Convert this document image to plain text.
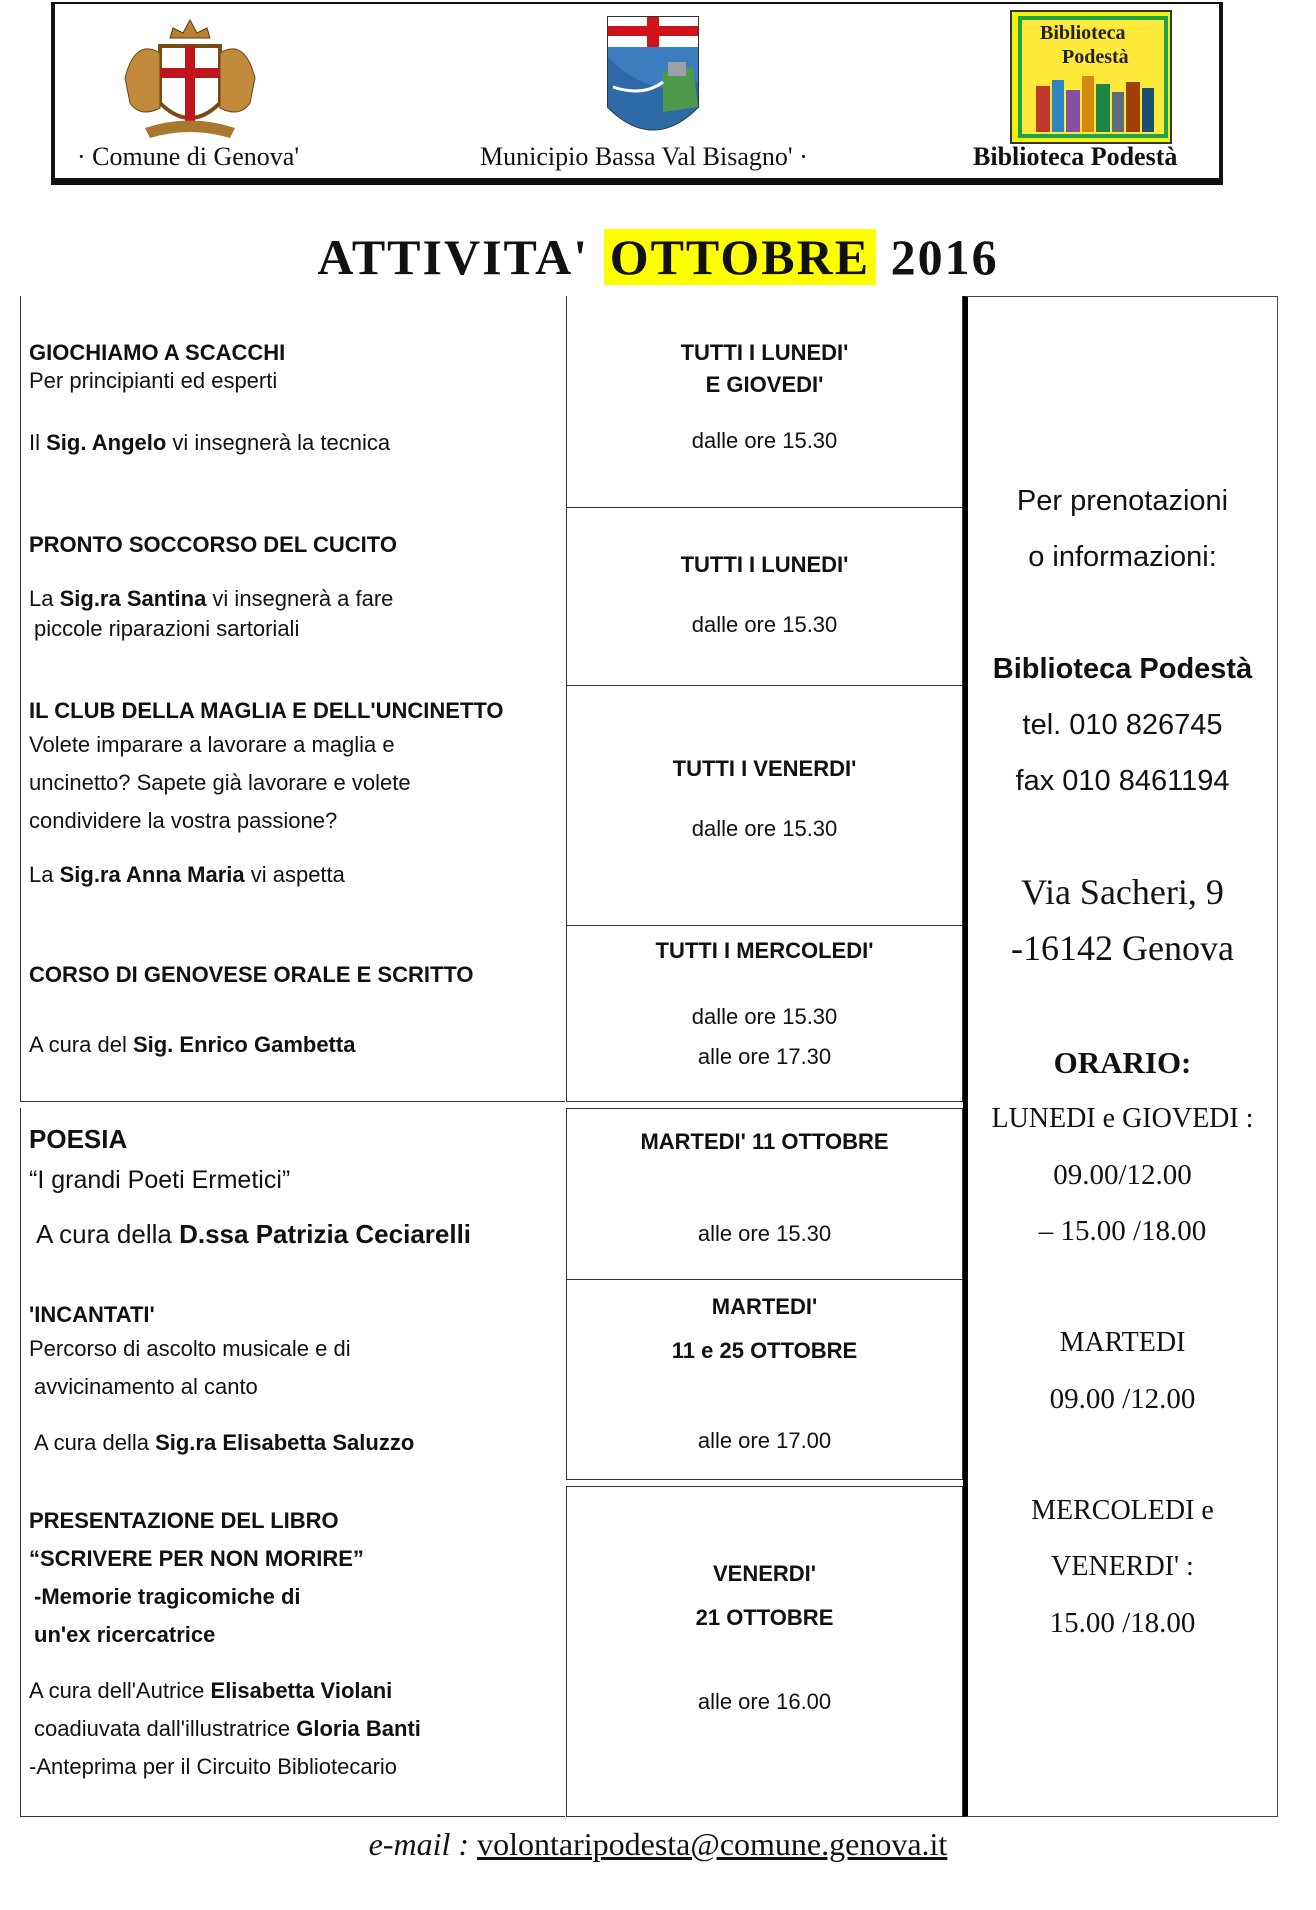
· Comune di Genova'	Municipio Bassa Val Bisagno' ·
Biblioteca
Podestà
Biblioteca Podestà
ATTIVITA' OTTOBRE 2016
GIOCHIAMO A SCACCHI

Per principianti ed esperti

Il Sig. Angelo vi insegnerà la tecnica

TUTTI I LUNEDI'

E GIOVEDI'

dalle ore 15.30

PRONTO SOCCORSO DEL CUCITO

La Sig.ra Santina vi insegnerà a fare

piccole riparazioni sartoriali

TUTTI I LUNEDI'

dalle ore 15.30

IL CLUB DELLA MAGLIA E DELL'UNCINETTO

Volete imparare a lavorare a maglia e

uncinetto? Sapete già lavorare e volete

condividere la vostra passione?

La Sig.ra Anna Maria vi aspetta

TUTTI I VENERDI'

dalle ore 15.30

CORSO DI GENOVESE ORALE E SCRITTO

A cura del Sig. Enrico Gambetta

TUTTI I MERCOLEDI'

dalle ore 15.30

alle ore 17.30

POESIA

“I grandi Poeti Ermetici”

A cura della D.ssa Patrizia Ceciarelli

MARTEDI' 11 OTTOBRE

alle ore 15.30

'INCANTATI'

Percorso di ascolto musicale e di

avvicinamento al canto

A cura della Sig.ra Elisabetta Saluzzo

MARTEDI'

11 e 25 OTTOBRE

alle ore 17.00

PRESENTAZIONE DEL LIBRO
“SCRIVERE PER NON MORIRE”
-Memorie tragicomiche di
un'ex ricercatrice

A cura dell'Autrice Elisabetta Violani

coadiuvata dall'illustratrice Gloria Banti

-Anteprima per il Circuito Bibliotecario

VENERDI'

21 OTTOBRE

alle ore 16.00

Per prenotazioni
o informazioni:
Biblioteca Podestà
tel. 010 826745
fax 010 8461194
Via Sacheri, 9
-16142 Genova
ORARIO:
LUNEDI e GIOVEDI :
09.00/12.00
– 15.00 /18.00
MARTEDI
09.00 /12.00
MERCOLEDI e
VENERDI' :
15.00 /18.00
e-mail : volontaripodesta@comune.genova.it
